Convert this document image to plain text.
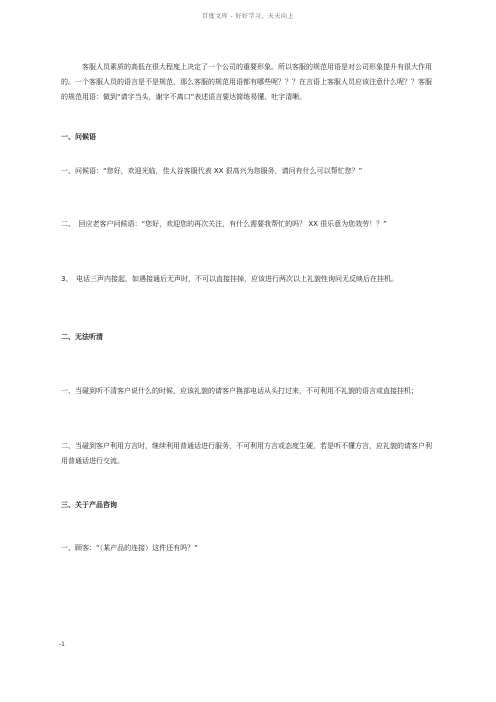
百度文库 - 好好学习，天天向上

客服人员素质的高低在很大程度上决定了一个公司的重要形象。所以客服的规范用语是对公司形象提升有很大作用的。一个客服人员的语言是不是规范，那么客服的规范用语都有哪些呢？？？在言语上客服人员应该注意什么呢？？客服的规范用语：做到“请字当头，谢字不离口”表述语言要达简练易懂、吐字清晰。

一、问候语

一、问候语：“您好，欢迎光临，佳人谷客服代表 XX 很高兴为您服务，请问有什么可以帮忙您？”

二、　回应老客户问候语：“您好，欢迎您的再次关注，有什么需要我帮忙的吗？ XX 很乐意为您效劳！？”

3、　电话三声内接起，如遇接通后无声时，不可以直接挂掉，应该进行两次以上礼貌性询问无反映后在挂机。

二、无法听清

一、当碰到听不清客户说什么的时候，应该礼貌的请客户换部电话从头打过来，不可利用不礼貌的语言或直接挂机；

二、当碰到客户利用方言时，继续利用普通话进行服务，不可利用方言或态度生硬，若是听不懂方言，应礼貌的请客户利用普通话进行交流。

三、关于产品咨询

一、顾客：“（某产品的连接）这件还有吗？”

-1
